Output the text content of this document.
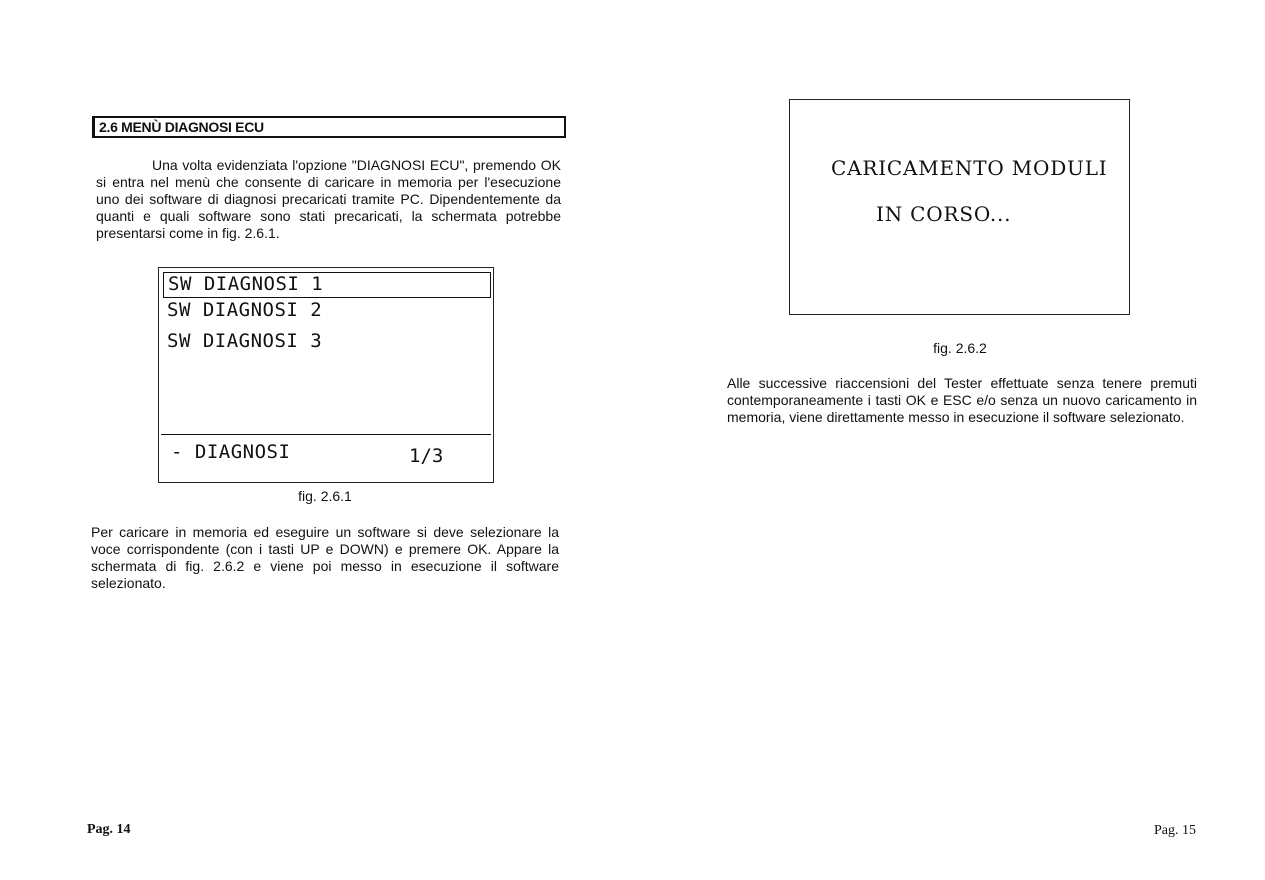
2.6 MENÙ DIAGNOSI ECU
Una volta evidenziata l'opzione "DIAGNOSI ECU", premendo OK si entra nel menù che consente di caricare in memoria per l'esecuzione uno dei software di diagnosi precaricati tramite PC. Dipendentemente da quanti e quali software sono stati precaricati, la schermata potrebbe presentarsi come in fig. 2.6.1.
SW DIAGNOSI 1
SW DIAGNOSI 2
SW DIAGNOSI 3
- DIAGNOSI	1/3
fig. 2.6.1
Per caricare in memoria ed eseguire un software si deve selezionare la voce corrispondente (con i tasti UP e DOWN) e premere OK. Appare la schermata di fig. 2.6.2 e viene poi messo in esecuzione il software selezionato.
Pag. 14
CARICAMENTO MODULI
IN CORSO...
fig. 2.6.2
Alle successive riaccensioni del Tester effettuate senza tenere premuti contemporaneamente i tasti OK e ESC e/o senza un nuovo caricamento in memoria, viene direttamente messo in esecuzione il software selezionato.
Pag. 15
